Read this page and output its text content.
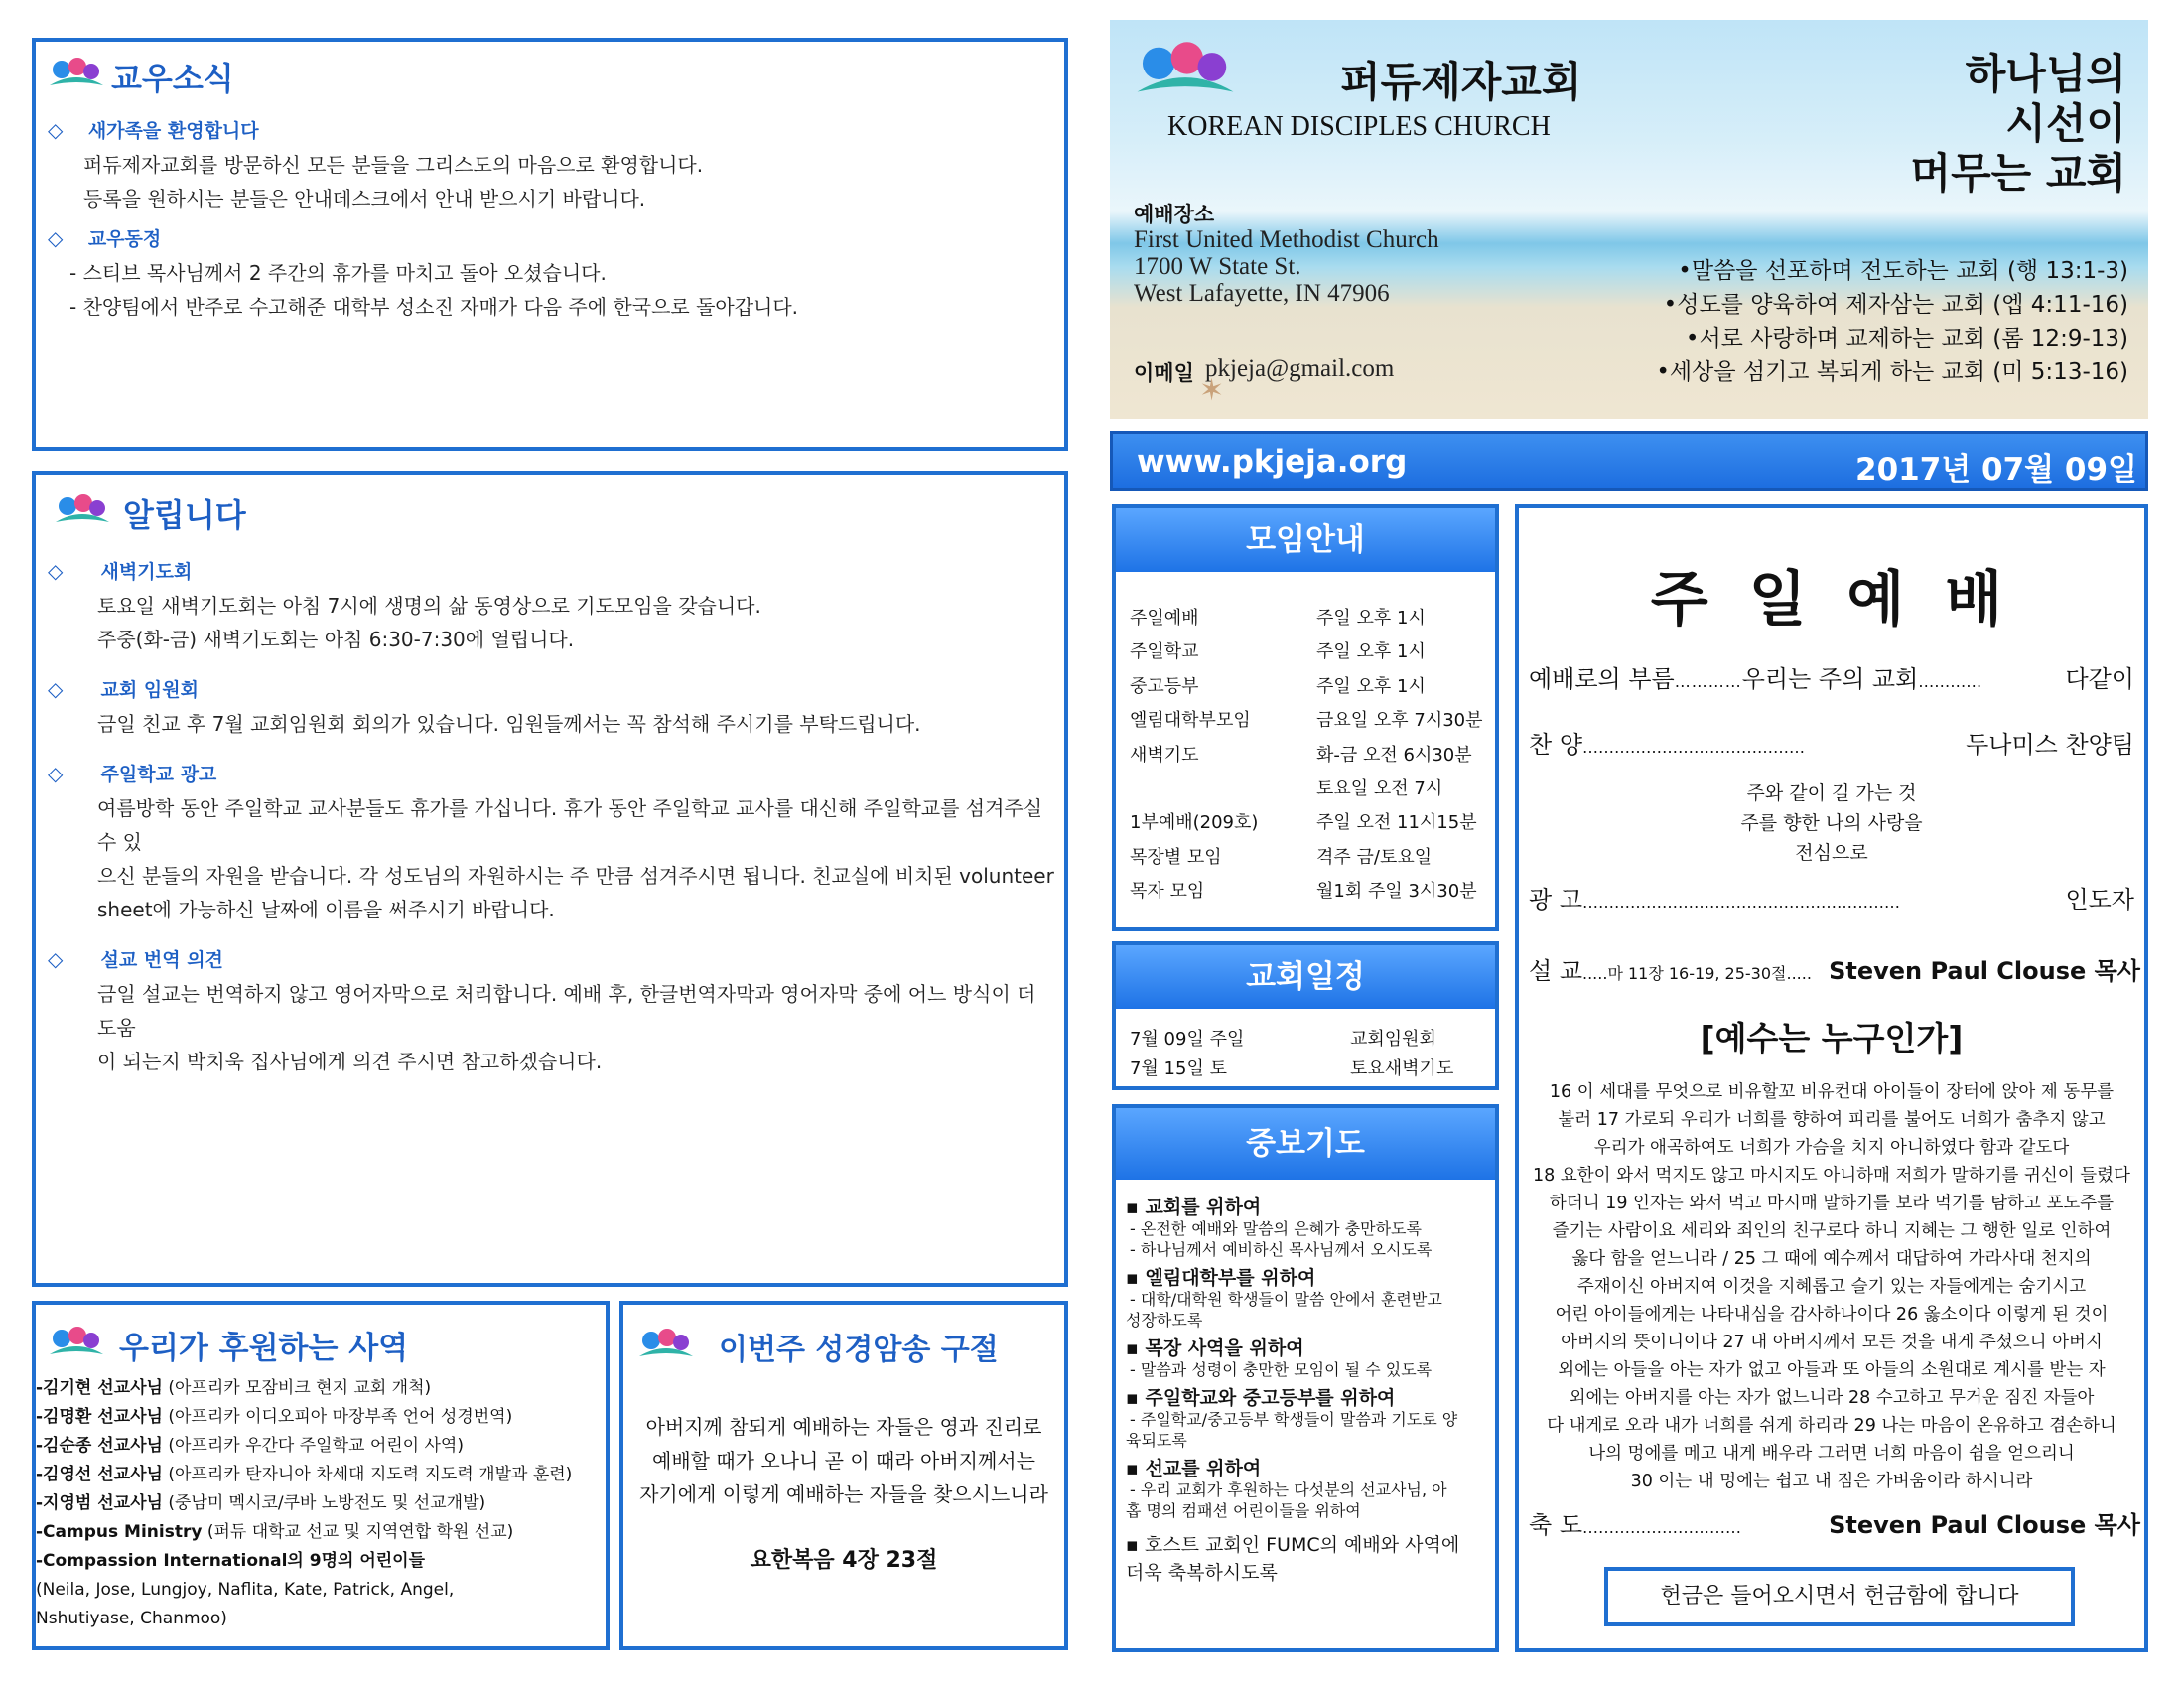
교우소식
◇ 새가족을 환영합니다
퍼듀제자교회를 방문하신 모든 분들을 그리스도의 마음으로 환영합니다.
등록을 원하시는 분들은 안내데스크에서 안내 받으시기 바랍니다.
◇ 교우동정
- 스티브 목사님께서 2 주간의 휴가를 마치고 돌아 오셨습니다.
- 찬양팀에서 반주로 수고해준 대학부 성소진 자매가 다음 주에 한국으로 돌아갑니다.
알립니다
◇ 새벽기도회
토요일 새벽기도회는 아침 7시에 생명의 삶 동영상으로 기도모임을 갖습니다.
주중(화-금) 새벽기도회는 아침 6:30-7:30에 열립니다.
◇ 교회 임원회
금일 친교 후 7월 교회임원회 회의가 있습니다. 임원들께서는 꼭 참석해 주시기를 부탁드립니다.
◇ 주일학교 광고
여름방학 동안 주일학교 교사분들도 휴가를 가십니다. 휴가 동안 주일학교 교사를 대신해 주일학교를 섬겨주실 수 있
으신 분들의 자원을 받습니다. 각 성도님의 자원하시는 주 만큼 섬겨주시면 됩니다. 친교실에 비치된 volunteer
sheet에 가능하신 날짜에 이름을 써주시기 바랍니다.
◇ 설교 번역 의견
금일 설교는 번역하지 않고 영어자막으로 처리합니다. 예배 후, 한글번역자막과 영어자막 중에 어느 방식이 더 도움
이 되는지 박치욱 집사님에게 의견 주시면 참고하겠습니다.
우리가 후원하는 사역
-김기현 선교사님 (아프리카 모잠비크 현지 교회 개척)
-김명환 선교사님 (아프리카 이디오피아 마장부족 언어 성경번역)
-김순종 선교사님 (아프리카 우간다 주일학교 어린이 사역)
-김영선 선교사님 (아프리카 탄자니아 차세대 지도력 지도력 개발과 훈련)
-지영범 선교사님 (중남미 멕시코/쿠바 노방전도 및 선교개발)
-Campus Ministry (퍼듀 대학교 선교 및 지역연합 학원 선교)
-Compassion International의 9명의 어린이들
(Neila, Jose, Lungjoy, Naflita, Kate, Patrick, Angel,
Nshutiyase, Chanmoo)
이번주 성경암송 구절
아버지께 참되게 예배하는 자들은 영과 진리로
예배할 때가 오나니 곧 이 때라 아버지께서는
자기에게 이렇게 예배하는 자들을 찾으시느니라
요한복음 4장 23절
퍼듀제자교회
KOREAN DISCIPLES CHURCH
하나님의
시선이
머무는 교회
예배장소
First United Methodist Church
1700 W State St.
West Lafayette, IN 47906
이메일 pkjeja@gmail.com
✶
•말씀을 선포하며 전도하는 교회 (행 13:1-3)
•성도를 양육하여 제자삼는 교회 (엡 4:11-16)
•서로 사랑하며 교제하는 교회 (롬 12:9-13)
•세상을 섬기고 복되게 하는 교회 (미 5:13-16)
www.pkjeja.org	2017년 07월 09일
모임안내
주일예배	주일 오후 1시
주일학교	주일 오후 1시
중고등부	주일 오후 1시
엘림대학부모임	금요일 오후 7시30분
새벽기도	화-금 오전 6시30분
토요일 오전 7시
1부예배(209호)	주일 오전 11시15분
목장별 모임	격주 금/토요일
목자 모임	월1회 주일 3시30분
교회일정
7월 09일 주일	교회임원회
7월 15일 토	토요새벽기도
중보기도
▪ 교회를 위하여
- 온전한 예배와 말씀의 은혜가 충만하도록
- 하나님께서 예비하신 목사님께서 오시도록
▪ 엘림대학부를 위하여
- 대학/대학원 학생들이 말씀 안에서 훈련받고
성장하도록
▪ 목장 사역을 위하여
- 말씀과 성령이 충만한 모임이 될 수 있도록
▪ 주일학교와 중고등부를 위하여
- 주일학교/중고등부 학생들이 말씀과 기도로 양
육되도록
▪ 선교를 위하여
- 우리 교회가 후원하는 다섯분의 선교사님, 아
홉 명의 컴패션 어린이들을 위하여
▪ 호스트 교회인 FUMC의 예배와 사역에
더욱 축복하시도록
주 일 예 배
예배로의 부름…………우리는 주의 교회…………	다같이
찬 양……………………………………	두나미스 찬양팀
주와 같이 길 가는 것
주를 향한 나의 사랑을
전심으로
광 고……………………………………………………	인도자
설 교.....마 11장 16-19, 25-30절..... Steven Paul Clouse 목사
[예수는 누구인가]
16 이 세대를 무엇으로 비유할꼬 비유컨대 아이들이 장터에 앉아 제 동무를
불러 17 가로되 우리가 너희를 향하여 피리를 불어도 너희가 춤추지 않고
우리가 애곡하여도 너희가 가슴을 치지 아니하였다 함과 같도다
18 요한이 와서 먹지도 않고 마시지도 아니하매 저희가 말하기를 귀신이 들렸다
하더니 19 인자는 와서 먹고 마시매 말하기를 보라 먹기를 탐하고 포도주를
즐기는 사람이요 세리와 죄인의 친구로다 하니 지혜는 그 행한 일로 인하여
옳다 함을 얻느니라 / 25 그 때에 예수께서 대답하여 가라사대 천지의
주재이신 아버지여 이것을 지혜롭고 슬기 있는 자들에게는 숨기시고
어린 아이들에게는 나타내심을 감사하나이다 26 옳소이다 이렇게 된 것이
아버지의 뜻이니이다 27 내 아버지께서 모든 것을 내게 주셨으니 아버지
외에는 아들을 아는 자가 없고 아들과 또 아들의 소원대로 계시를 받는 자
외에는 아버지를 아는 자가 없느니라 28 수고하고 무거운 짐진 자들아
다 내게로 오라 내가 너희를 쉬게 하리라 29 나는 마음이 온유하고 겸손하니
나의 멍에를 메고 내게 배우라 그러면 너희 마음이 쉼을 얻으리니
30 이는 내 멍에는 쉽고 내 짐은 가벼움이라 하시니라
축 도…………………………	Steven Paul Clouse 목사
헌금은 들어오시면서 헌금함에 합니다
